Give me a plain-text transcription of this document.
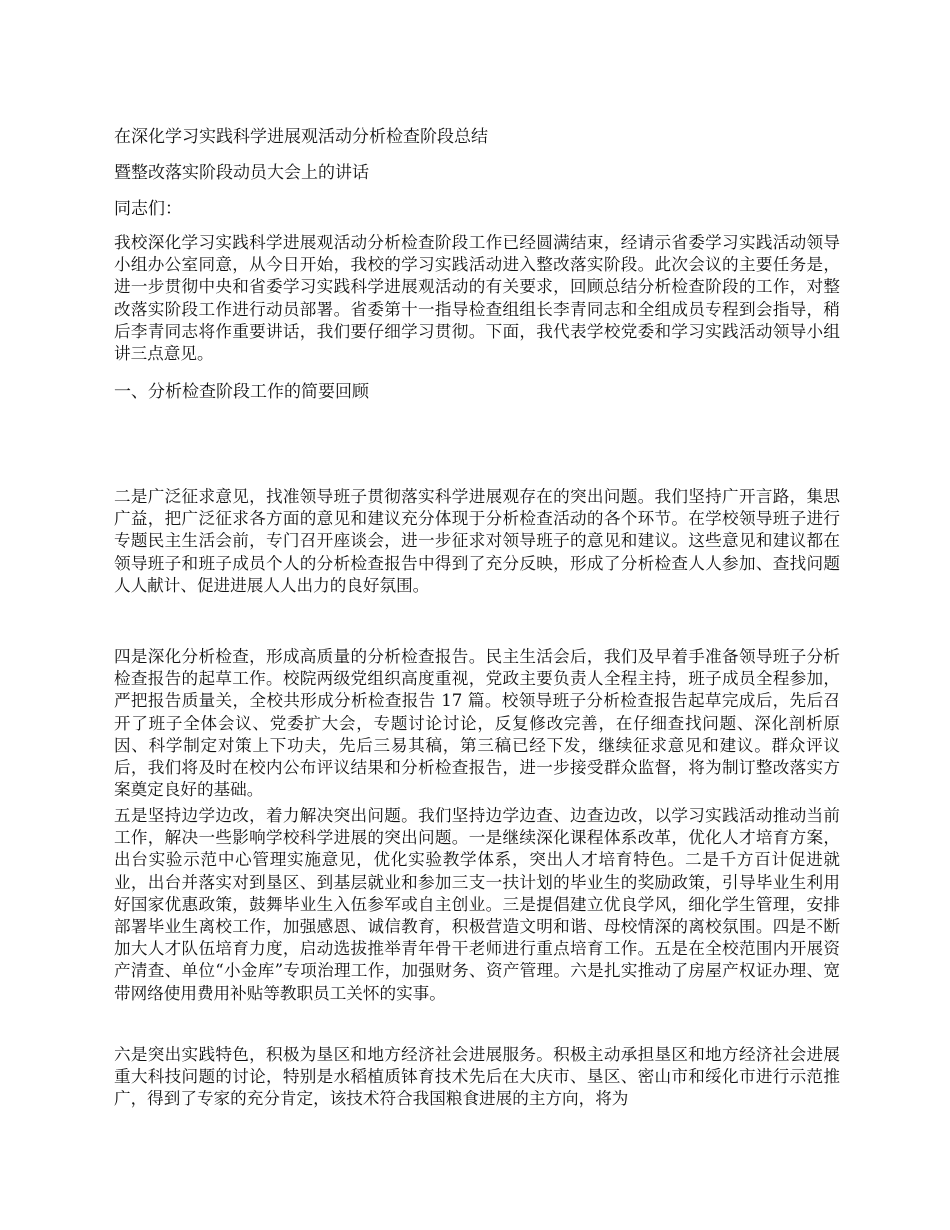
在深化学习实践科学进展观活动分析检查阶段总结
暨整改落实阶段动员大会上的讲话
同志们：

我校深化学习实践科学进展观活动分析检查阶段工作已经圆满结束，经请示省委学习实践活动领导小组办公室同意，从今日开始，我校的学习实践活动进入整改落实阶段。此次会议的主要任务是，进一步贯彻中央和省委学习实践科学进展观活动的有关要求，回顾总结分析检查阶段的工作，对整改落实阶段工作进行动员部署。省委第十一指导检查组组长李青同志和全组成员专程到会指导，稍后李青同志将作重要讲话，我们要仔细学习贯彻。下面，我代表学校党委和学习实践活动领导小组讲三点意见。

一、分析检查阶段工作的简要回顾

二是广泛征求意见，找准领导班子贯彻落实科学进展观存在的突出问题。我们坚持广开言路，集思广益，把广泛征求各方面的意见和建议充分体现于分析检查活动的各个环节。在学校领导班子进行专题民主生活会前，专门召开座谈会，进一步征求对领导班子的意见和建议。这些意见和建议都在领导班子和班子成员个人的分析检查报告中得到了充分反映，形成了分析检查人人参加、查找问题人人献计、促进进展人人出力的良好氛围。

四是深化分析检查，形成高质量的分析检查报告。民主生活会后，我们及早着手准备领导班子分析检查报告的起草工作。校院两级党组织高度重视，党政主要负责人全程主持，班子成员全程参加，严把报告质量关，全校共形成分析检查报告 17 篇。校领导班子分析检查报告起草完成后，先后召开了班子全体会议、党委扩大会，专题讨论讨论，反复修改完善，在仔细查找问题、深化剖析原因、科学制定对策上下功夫，先后三易其稿，第三稿已经下发，继续征求意见和建议。群众评议后，我们将及时在校内公布评议结果和分析检查报告，进一步接受群众监督，将为制订整改落实方案奠定良好的基础。

五是坚持边学边改，着力解决突出问题。我们坚持边学边查、边查边改，以学习实践活动推动当前工作，解决一些影响学校科学进展的突出问题。一是继续深化课程体系改革，优化人才培育方案，出台实验示范中心管理实施意见，优化实验教学体系，突出人才培育特色。二是千方百计促进就业，出台并落实对到垦区、到基层就业和参加三支一扶计划的毕业生的奖励政策，引导毕业生利用好国家优惠政策，鼓舞毕业生入伍参军或自主创业。三是提倡建立优良学风，细化学生管理，安排部署毕业生离校工作，加强感恩、诚信教育，积极营造文明和谐、母校情深的离校氛围。四是不断加大人才队伍培育力度，启动选拔推举青年骨干老师进行重点培育工作。五是在全校范围内开展资产清查、单位“小金库”专项治理工作，加强财务、资产管理。六是扎实推动了房屋产权证办理、宽带网络使用费用补贴等教职员工关怀的实事。

六是突出实践特色，积极为垦区和地方经济社会进展服务。积极主动承担垦区和地方经济社会进展重大科技问题的讨论，特别是水稻植质钵育技术先后在大庆市、垦区、密山市和绥化市进行示范推广，得到了专家的充分肯定，该技术符合我国粮食进展的主方向，将为
